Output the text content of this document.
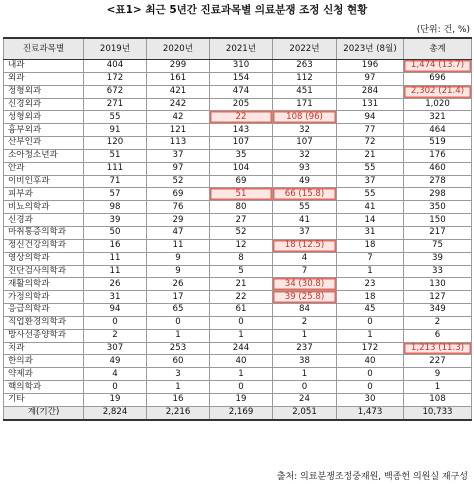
<표1> 최근 5년간 진료과목별 의료분쟁 조정 신청 현황
(단위: 건, %)
진료과목별	2019년	2020년	2021년	2022년	2023년 (8월)	총계
내과	404	299	310	263	196	1,474 (13.7)
외과	172	161	154	112	97	696
정형외과	672	421	474	451	284	2,302 (21.4)
신경외과	271	242	205	171	131	1,020
성형외과	55	42	22	108 (96)	94	321
흉부외과	91	121	143	32	77	464
산부인과	120	113	107	107	72	519
소아청소년과	51	37	35	32	21	176
안과	111	97	104	93	55	460
이비인후과	71	52	69	49	37	278
피부과	57	69	51	66 (15.8)	55	298
비뇨의학과	98	76	80	55	41	350
신경과	39	29	27	41	14	150
마취통증의학과	50	47	52	37	31	217
정신건강의학과	16	11	12	18 (12.5)	18	75
영상의학과	11	9	8	4	7	39
진단검사의학과	11	9	5	7	1	33
재활의학과	26	26	21	34 (30.8)	23	130
가정의학과	31	17	22	39 (25.8)	18	127
응급의학과	94	65	61	84	45	349
직업환경의학과	0	0	0	2	0	2
방사선종양학과	2	1	1	1	1	6
치과	307	253	244	237	172	1,213 (11.3)
한의과	49	60	40	38	40	227
약제과	4	3	1	1	0	9
핵의학과	0	1	0	0	0	1
기타	19	16	19	24	30	108
계(기간)	2,824	2,216	2,169	2,051	1,473	10,733
출처: 의료분쟁조정중재원, 백종헌 의원실 재구성
